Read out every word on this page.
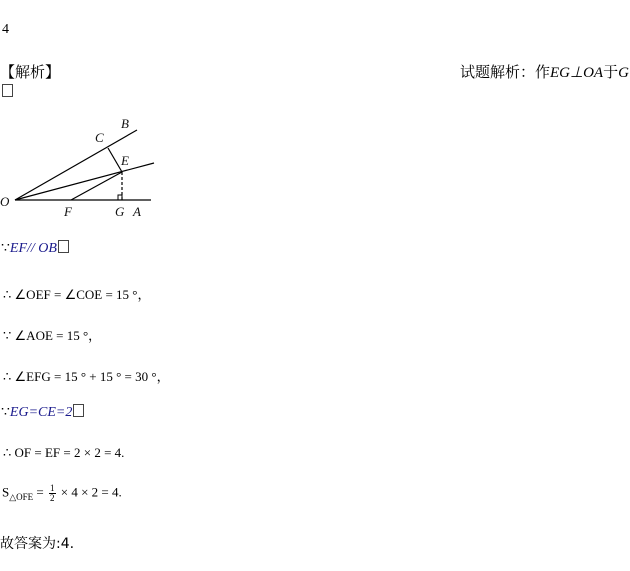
4
【解析】	试题解析：作EG⊥OA于G
O
B
C
E
F	G A
∵EF// OB
∴ ∠OEF = ∠COE = 15 °，
∵ ∠AOE = 15 °，
∴ ∠EFG = 15 ° + 15 ° = 30 °，
∵EG=CE=2
∴ OF = EF = 2 × 2 = 4.
$S_{\triangle OFE} = \frac{1}{2} \times 4 \times 2 = 4$.
故答案为:4.
